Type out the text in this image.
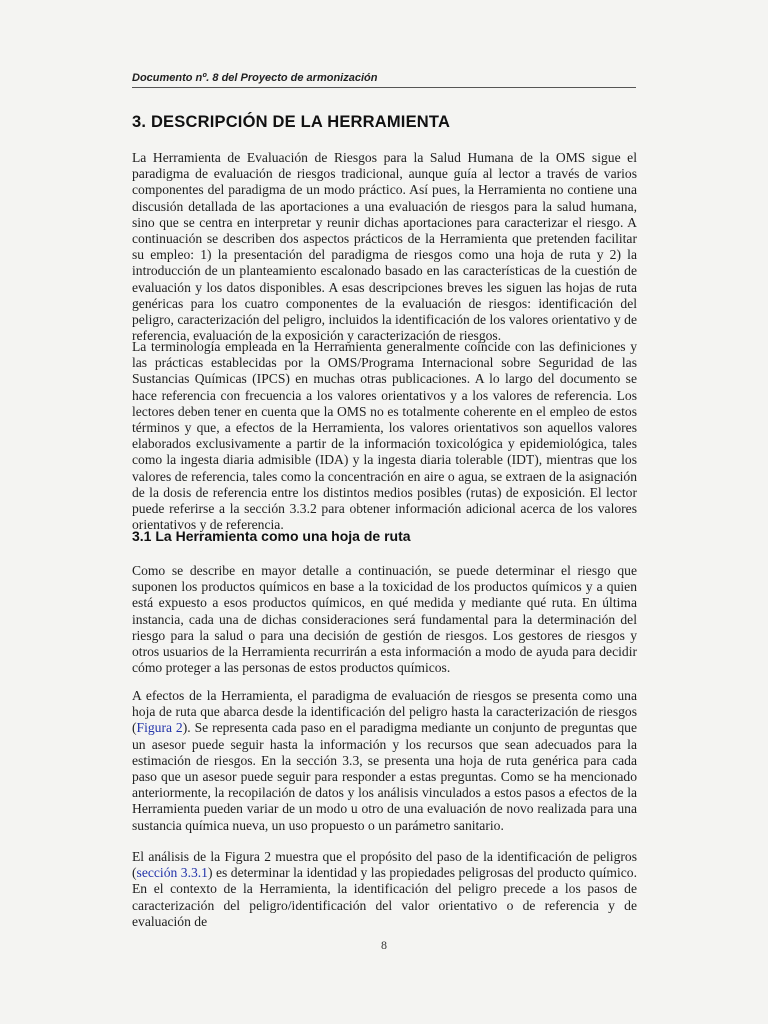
Documento nº. 8 del Proyecto de armonización
3. DESCRIPCIÓN DE LA HERRAMIENTA

La Herramienta de Evaluación de Riesgos para la Salud Humana de la OMS sigue el paradigma de evaluación de riesgos tradicional, aunque guía al lector a través de varios componentes del paradigma de un modo práctico. Así pues, la Herramienta no contiene una discusión detallada de las aportaciones a una evaluación de riesgos para la salud humana, sino que se centra en interpretar y reunir dichas aportaciones para caracterizar el riesgo. A continuación se describen dos aspectos prácticos de la Herramienta que pretenden facilitar su empleo: 1) la presentación del paradigma de riesgos como una hoja de ruta y 2) la introducción de un planteamiento escalonado basado en las características de la cuestión de evaluación y los datos disponibles. A esas descripciones breves les siguen las hojas de ruta genéricas para los cuatro componentes de la evaluación de riesgos: identificación del peligro, caracterización del peligro, incluidos la identificación de los valores orientativo y de referencia, evaluación de la exposición y caracterización de riesgos.

La terminología empleada en la Herramienta generalmente coincide con las definiciones y las prácticas establecidas por la OMS/Programa Internacional sobre Seguridad de las Sustancias Químicas (IPCS) en muchas otras publicaciones. A lo largo del documento se hace referencia con frecuencia a los valores orientativos y a los valores de referencia. Los lectores deben tener en cuenta que la OMS no es totalmente coherente en el empleo de estos términos y que, a efectos de la Herramienta, los valores orientativos son aquellos valores elaborados exclusivamente a partir de la información toxicológica y epidemiológica, tales como la ingesta diaria admisible (IDA) y la ingesta diaria tolerable (IDT), mientras que los valores de referencia, tales como la concentración en aire o agua, se extraen de la asignación de la dosis de referencia entre los distintos medios posibles (rutas) de exposición. El lector puede referirse a la sección 3.3.2 para obtener información adicional acerca de los valores orientativos y de referencia.

3.1 La Herramienta como una hoja de ruta

Como se describe en mayor detalle a continuación, se puede determinar el riesgo que suponen los productos químicos en base a la toxicidad de los productos químicos y a quien está expuesto a esos productos químicos, en qué medida y mediante qué ruta. En última instancia, cada una de dichas consideraciones será fundamental para la determinación del riesgo para la salud o para una decisión de gestión de riesgos. Los gestores de riesgos y otros usuarios de la Herramienta recurrirán a esta información a modo de ayuda para decidir cómo proteger a las personas de estos productos químicos.

A efectos de la Herramienta, el paradigma de evaluación de riesgos se presenta como una hoja de ruta que abarca desde la identificación del peligro hasta la caracterización de riesgos (Figura 2). Se representa cada paso en el paradigma mediante un conjunto de preguntas que un asesor puede seguir hasta la información y los recursos que sean adecuados para la estimación de riesgos. En la sección 3.3, se presenta una hoja de ruta genérica para cada paso que un asesor puede seguir para responder a estas preguntas. Como se ha mencionado anteriormente, la recopilación de datos y los análisis vinculados a estos pasos a efectos de la Herramienta pueden variar de un modo u otro de una evaluación de novo realizada para una sustancia química nueva, un uso propuesto o un parámetro sanitario.

El análisis de la Figura 2 muestra que el propósito del paso de la identificación de peligros (sección 3.3.1) es determinar la identidad y las propiedades peligrosas del producto químico. En el contexto de la Herramienta, la identificación del peligro precede a los pasos de caracterización del peligro/identificación del valor orientativo o de referencia y de evaluación de

8
